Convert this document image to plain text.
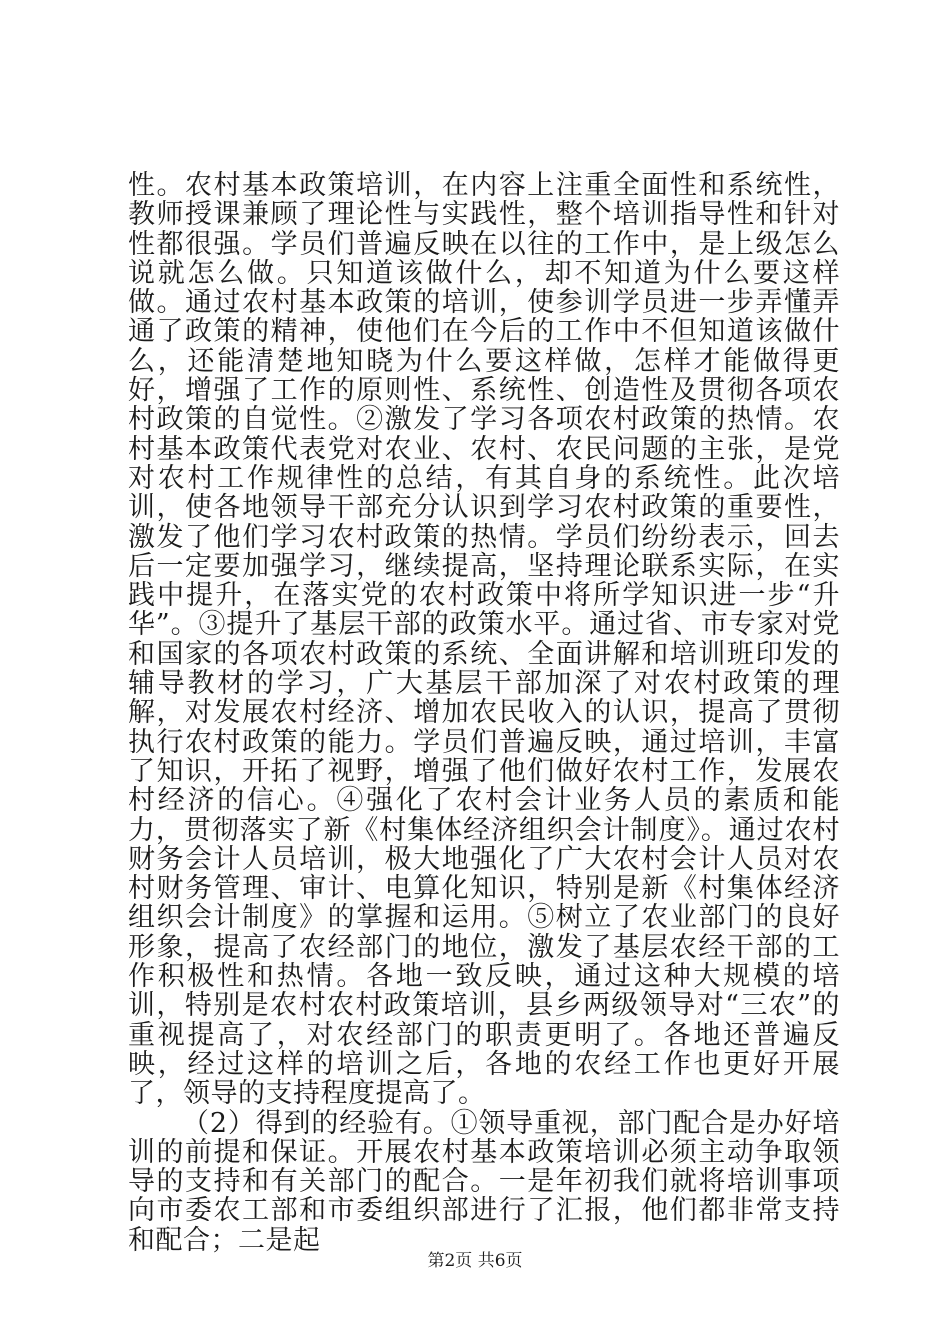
性。农村基本政策培训，在内容上注重全面性和系统性，教师授课兼顾了理论性与实践性，整个培训指导性和针对性都很强。学员们普遍反映在以往的工作中，是上级怎么说就怎么做。只知道该做什么，却不知道为什么要这样做。通过农村基本政策的培训，使参训学员进一步弄懂弄通了政策的精神，使他们在今后的工作中不但知道该做什么，还能清楚地知晓为什么要这样做，怎样才能做得更好，增强了工作的原则性、系统性、创造性及贯彻各项农村政策的自觉性。②激发了学习各项农村政策的热情。农村基本政策代表党对农业、农村、农民问题的主张，是党对农村工作规律性的总结，有其自身的系统性。此次培训，使各地领导干部充分认识到学习农村政策的重要性，激发了他们学习农村政策的热情。学员们纷纷表示，回去后一定要加强学习，继续提高，坚持理论联系实际，在实践中提升，在落实党的农村政策中将所学知识进一步“升华”。③提升了基层干部的政策水平。通过省、市专家对党和国家的各项农村政策的系统、全面讲解和培训班印发的辅导教材的学习，广大基层干部加深了对农村政策的理解，对发展农村经济、增加农民收入的认识，提高了贯彻执行农村政策的能力。学员们普遍反映，通过培训，丰富了知识，开拓了视野，增强了他们做好农村工作，发展农村经济的信心。④强化了农村会计业务人员的素质和能力，贯彻落实了新《村集体经济组织会计制度》。通过农村财务会计人员培训，极大地强化了广大农村会计人员对农村财务管理、审计、电算化知识，特别是新《村集体经济组织会计制度》的掌握和运用。⑤树立了农业部门的良好形象，提高了农经部门的地位，激发了基层农经干部的工作积极性和热情。各地一致反映，通过这种大规模的培训，特别是农村农村政策培训，县乡两级领导对“三农”的重视提高了，对农经部门的职责更明了。各地还普遍反映，经过这样的培训之后，各地的农经工作也更好开展了，领导的支持程度提高了。

（2）得到的经验有。①领导重视，部门配合是办好培训的前提和保证。开展农村基本政策培训必须主动争取领导的支持和有关部门的配合。一是年初我们就将培训事项向市委农工部和市委组织部进行了汇报，他们都非常支持和配合；二是起

第2页 共6页
